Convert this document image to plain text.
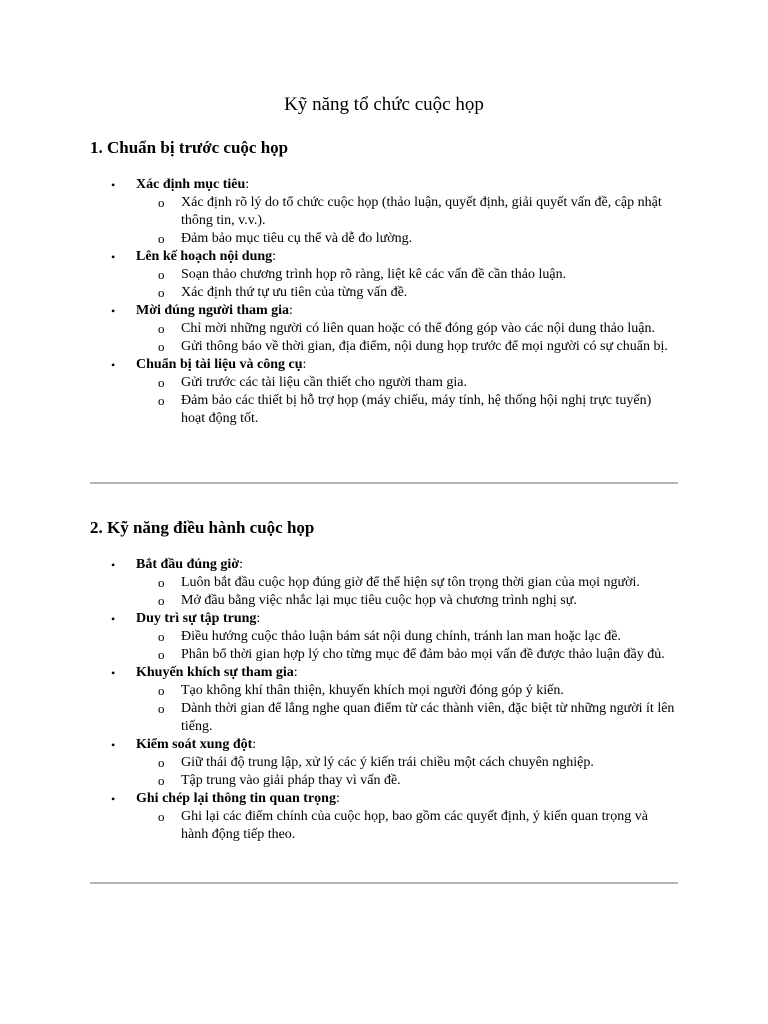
Kỹ năng tổ chức cuộc họp
1. Chuẩn bị trước cuộc họp
• Xác định mục tiêu:
o Xác định rõ lý do tổ chức cuộc họp (thảo luận, quyết định, giải quyết vấn đề, cập nhật thông tin, v.v.).
o Đảm bảo mục tiêu cụ thể và dễ đo lường.
• Lên kế hoạch nội dung:
o Soạn thảo chương trình họp rõ ràng, liệt kê các vấn đề cần thảo luận.
o Xác định thứ tự ưu tiên của từng vấn đề.
• Mời đúng người tham gia:
o Chỉ mời những người có liên quan hoặc có thể đóng góp vào các nội dung thảo luận.
o Gửi thông báo về thời gian, địa điểm, nội dung họp trước để mọi người có sự chuẩn bị.
• Chuẩn bị tài liệu và công cụ:
o Gửi trước các tài liệu cần thiết cho người tham gia.
o Đảm bảo các thiết bị hỗ trợ họp (máy chiếu, máy tính, hệ thống hội nghị trực tuyến) hoạt động tốt.
2. Kỹ năng điều hành cuộc họp
• Bắt đầu đúng giờ:
o Luôn bắt đầu cuộc họp đúng giờ để thể hiện sự tôn trọng thời gian của mọi người.
o Mở đầu bằng việc nhắc lại mục tiêu cuộc họp và chương trình nghị sự.
• Duy trì sự tập trung:
o Điều hướng cuộc thảo luận bám sát nội dung chính, tránh lan man hoặc lạc đề.
o Phân bổ thời gian hợp lý cho từng mục để đảm bảo mọi vấn đề được thảo luận đầy đủ.
• Khuyến khích sự tham gia:
o Tạo không khí thân thiện, khuyến khích mọi người đóng góp ý kiến.
o Dành thời gian để lắng nghe quan điểm từ các thành viên, đặc biệt từ những người ít lên tiếng.
• Kiểm soát xung đột:
o Giữ thái độ trung lập, xử lý các ý kiến trái chiều một cách chuyên nghiệp.
o Tập trung vào giải pháp thay vì vấn đề.
• Ghi chép lại thông tin quan trọng:
o Ghi lại các điểm chính của cuộc họp, bao gồm các quyết định, ý kiến quan trọng và hành động tiếp theo.
